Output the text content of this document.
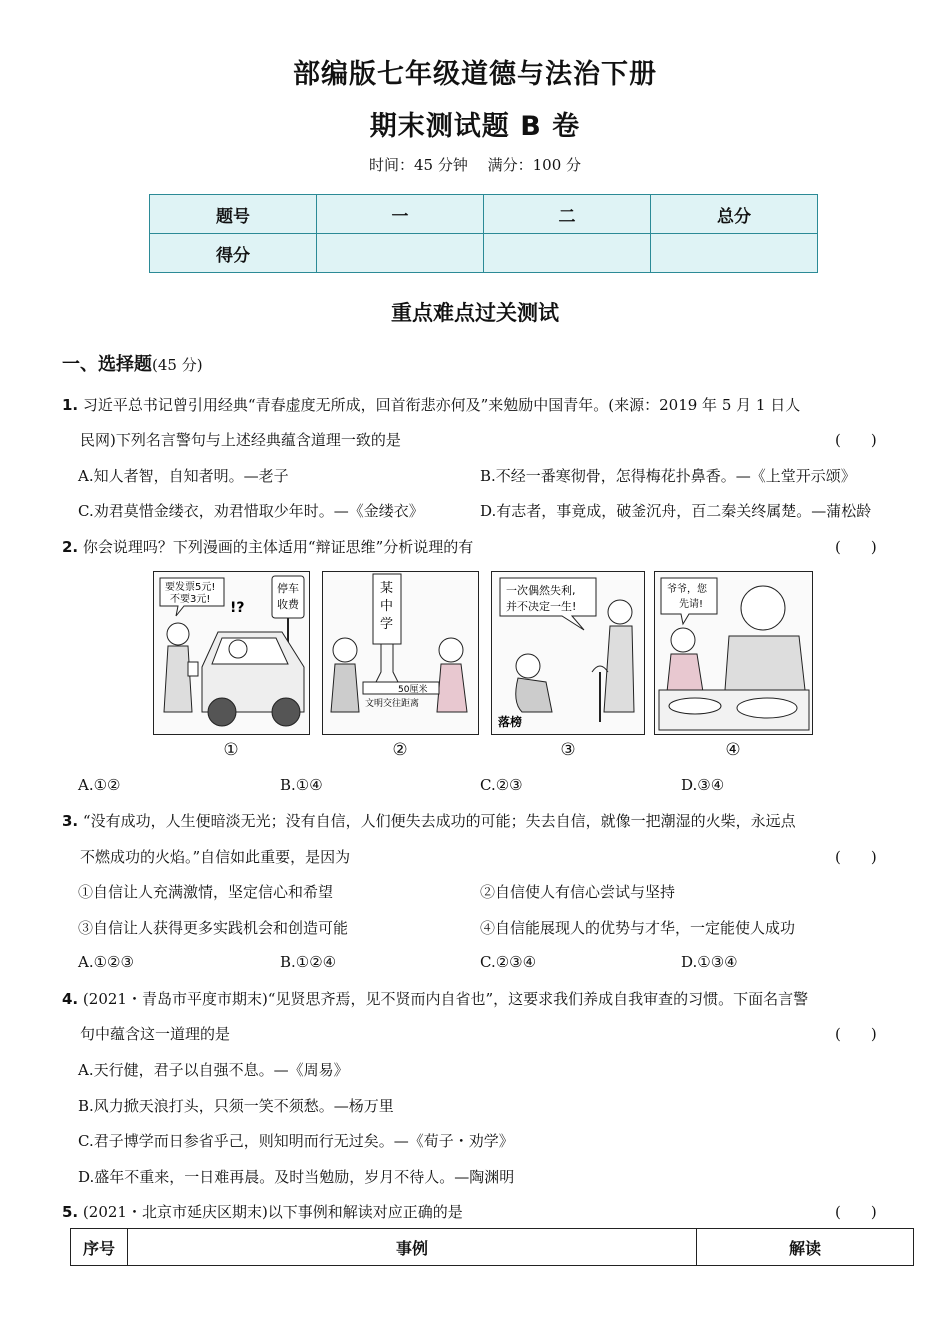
部编版七年级道德与法治下册
期末测试题 B 卷
时间：45 分钟　 满分：100 分
题号	一	二	总分
得分			
重点难点过关测试
一、选择题(45 分)
1. 习近平总书记曾引用经典“青春虚度无所成，回首衔悲亦何及”来勉励中国青年。(来源：2019 年 5 月 1 日人
民网)下列名言警句与上述经典蕴含道理一致的是	(　　)
A.知人者智，自知者明。—老子	B.不经一番寒彻骨，怎得梅花扑鼻香。—《上堂开示颂》
C.劝君莫惜金缕衣，劝君惜取少年时。—《金缕衣》	D.有志者，事竟成，破釜沉舟，百二秦关终属楚。—蒲松龄
2. 你会说理吗？下列漫画的主体适用“辩证思维”分析说理的有	(　　)
要发票5元!
不要3元!
!?
停车
收费
某
中
学
50厘米
文明交往距离
一次偶然失利,
并不决定一生!
落榜
爷爷，您
先请!
①	②	③	④
A.①②	B.①④	C.②③	D.③④
3. “没有成功，人生便暗淡无光；没有自信，人们便失去成功的可能；失去自信，就像一把潮湿的火柴，永远点
不燃成功的火焰。”自信如此重要，是因为	(　　)
①自信让人充满激情，坚定信心和希望	②自信使人有信心尝试与坚持
③自信让人获得更多实践机会和创造可能	④自信能展现人的优势与才华，一定能使人成功
A.①②③	B.①②④	C.②③④	D.①③④
4. (2021・青岛市平度市期末)“见贤思齐焉，见不贤而内自省也”，这要求我们养成自我审查的习惯。下面名言警
句中蕴含这一道理的是	(　　)
A.天行健，君子以自强不息。—《周易》
B.风力掀天浪打头，只须一笑不须愁。—杨万里
C.君子博学而日参省乎己，则知明而行无过矣。—《荀子・劝学》
D.盛年不重来，一日难再晨。及时当勉励，岁月不待人。—陶渊明
5. (2021・北京市延庆区期末)以下事例和解读对应正确的是	(　　)
序号	事例	解读
